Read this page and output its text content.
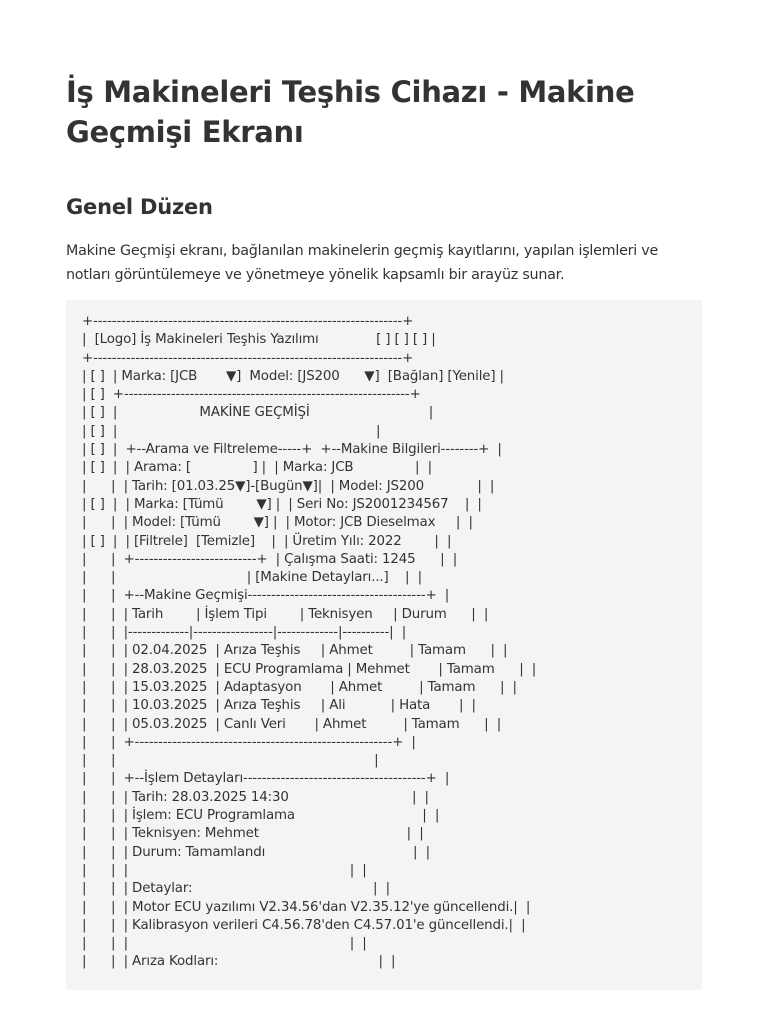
İş Makineleri Teşhis Cihazı - Makine Geçmişi Ekranı
Genel Düzen

Makine Geçmişi ekranı, bağlanılan makinelerin geçmiş kayıtlarını, yapılan işlemleri ve notları görüntülemeye ve yönetmeye yönelik kapsamlı bir arayüz sunar.

+------------------------------------------------------------------+
|  [Logo] İş Makineleri Teşhis Yazılımı              [ ] [ ] [ ] |
+------------------------------------------------------------------+
| [ ]  | Marka: [JCB       ▼]  Model: [JS200      ▼]  [Bağlan] [Yenile] |
| [ ]  +-------------------------------------------------------------+
| [ ]  |                    MAKİNE GEÇMİŞİ                             |
| [ ]  |                                                               |
| [ ]  |  +--Arama ve Filtreleme-----+  +--Makine Bilgileri--------+  |
| [ ]  |  | Arama: [               ] |  | Marka: JCB               |  |
|      |  | Tarih: [01.03.25▼]-[Bugün▼]|  | Model: JS200             |  |
| [ ]  |  | Marka: [Tümü        ▼] |  | Seri No: JS2001234567    |  |
|      |  | Model: [Tümü        ▼] |  | Motor: JCB Dieselmax     |  |
| [ ]  |  | [Filtrele]  [Temizle]    |  | Üretim Yılı: 2022        |  |
|      |  +--------------------------+  | Çalışma Saati: 1245      |  |
|      |                                | [Makine Detayları...]    |  |
|      |  +--Makine Geçmişi--------------------------------------+  |
|      |  | Tarih        | İşlem Tipi        | Teknisyen     | Durum      |  |
|      |  |-------------|-----------------|-------------|----------|  |
|      |  | 02.04.2025  | Arıza Teşhis     | Ahmet         | Tamam      |  |
|      |  | 28.03.2025  | ECU Programlama | Mehmet       | Tamam      |  |
|      |  | 15.03.2025  | Adaptasyon       | Ahmet         | Tamam      |  |
|      |  | 10.03.2025  | Arıza Teşhis     | Ali           | Hata       |  |
|      |  | 05.03.2025  | Canlı Veri       | Ahmet         | Tamam      |  |
|      |  +-------------------------------------------------------+  |
|      |                                                               |
|      |  +--İşlem Detayları---------------------------------------+  |
|      |  | Tarih: 28.03.2025 14:30                              |  |
|      |  | İşlem: ECU Programlama                               |  |
|      |  | Teknisyen: Mehmet                                    |  |
|      |  | Durum: Tamamlandı                                    |  |
|      |  |                                                      |  |
|      |  | Detaylar:                                            |  |
|      |  | Motor ECU yazılımı V2.34.56'dan V2.35.12'ye güncellendi.|  |
|      |  | Kalibrasyon verileri C4.56.78'den C4.57.01'e güncellendi.|  |
|      |  |                                                      |  |
|      |  | Arıza Kodları:                                       |  |
